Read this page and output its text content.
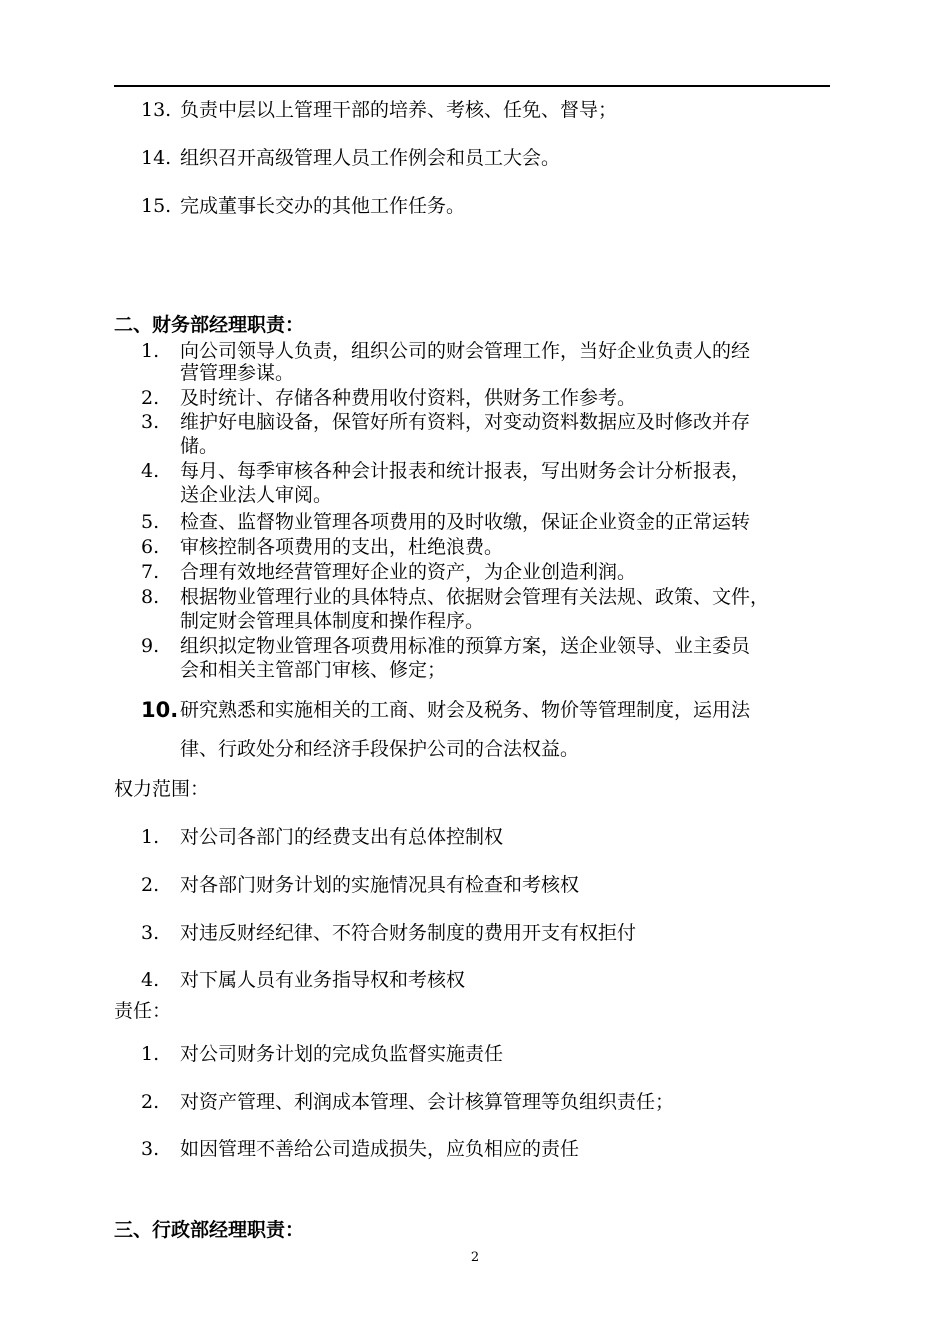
13. 负责中层以上管理干部的培养、考核、任免、督导；
14. 组织召开高级管理人员工作例会和员工大会。
15. 完成董事长交办的其他工作任务。
二、财务部经理职责：
1. 向公司领导人负责，组织公司的财会管理工作，当好企业负责人的经
营管理参谋。
2. 及时统计、存储各种费用收付资料，供财务工作参考。
3. 维护好电脑设备，保管好所有资料，对变动资料数据应及时修改并存
储。
4. 每月、每季审核各种会计报表和统计报表，写出财务会计分析报表，
送企业法人审阅。
5. 检查、监督物业管理各项费用的及时收缴，保证企业资金的正常运转
6. 审核控制各项费用的支出，杜绝浪费。
7. 合理有效地经营管理好企业的资产，为企业创造利润。
8. 根据物业管理行业的具体特点、依据财会管理有关法规、政策、文件，
制定财会管理具体制度和操作程序。
9. 组织拟定物业管理各项费用标准的预算方案，送企业领导、业主委员
会和相关主管部门审核、修定；
10. 研究熟悉和实施相关的工商、财会及税务、物价等管理制度，运用法
律、行政处分和经济手段保护公司的合法权益。
权力范围：
1. 对公司各部门的经费支出有总体控制权
2. 对各部门财务计划的实施情况具有检查和考核权
3. 对违反财经纪律、不符合财务制度的费用开支有权拒付
4. 对下属人员有业务指导权和考核权
责任：
1. 对公司财务计划的完成负监督实施责任
2. 对资产管理、利润成本管理、会计核算管理等负组织责任；
3. 如因管理不善给公司造成损失，应负相应的责任
三、行政部经理职责：
2
